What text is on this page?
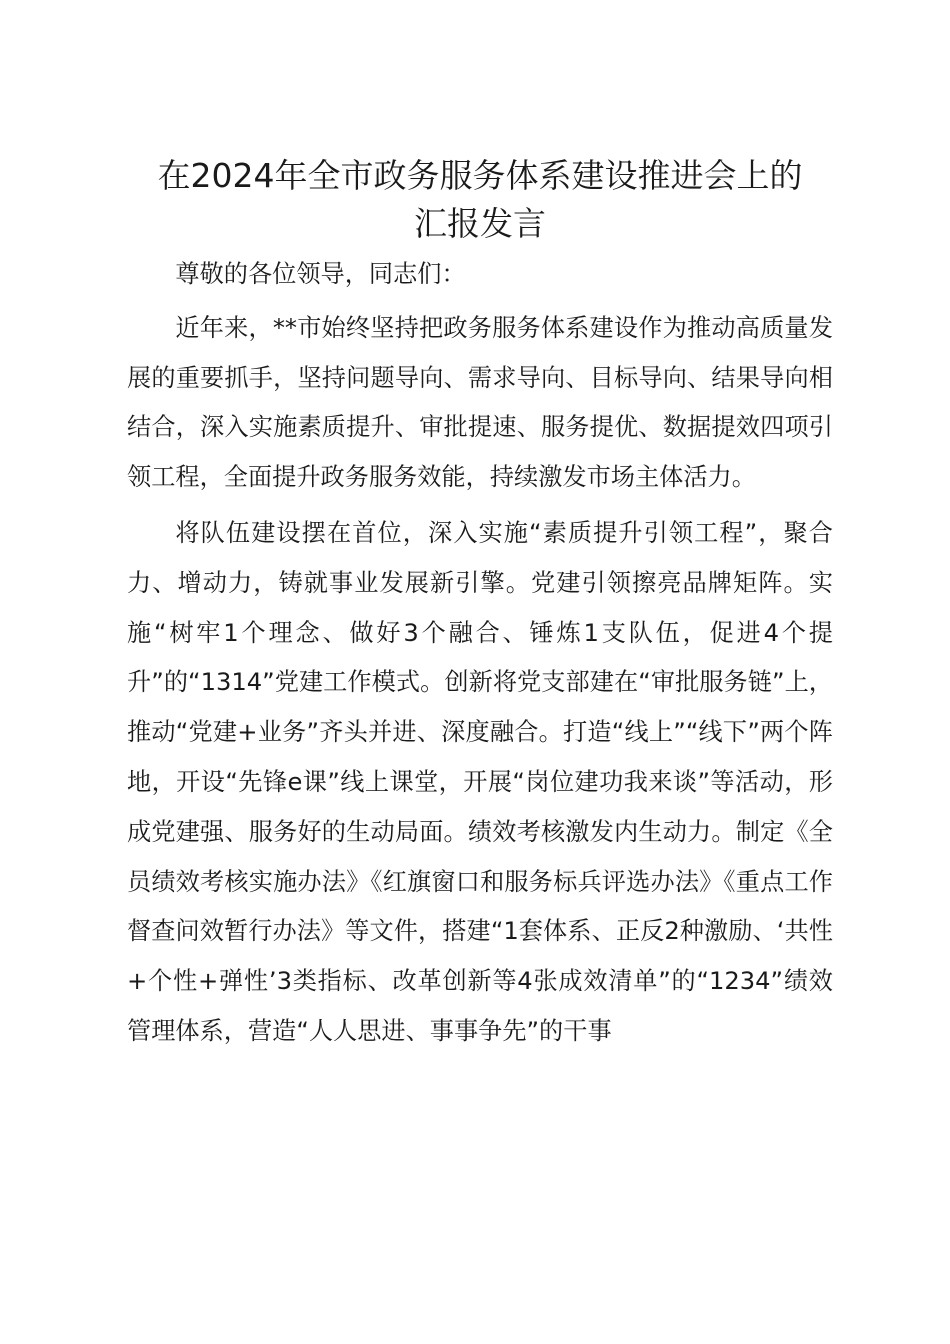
在2024年全市政务服务体系建设推进会上的
汇报发言

尊敬的各位领导，同志们：

近年来，**市始终坚持把政务服务体系建设作为推动高质量发展的重要抓手，坚持问题导向、需求导向、目标导向、结果导向相结合，深入实施素质提升、审批提速、服务提优、数据提效四项引领工程，全面提升政务服务效能，持续激发市场主体活力。

将队伍建设摆在首位，深入实施“素质提升引领工程”，聚合力、增动力，铸就事业发展新引擎。党建引领擦亮品牌矩阵。实施“树牢1个理念、做好3个融合、锤炼1支队伍，促进4个提升”的“1314”党建工作模式。创新将党支部建在“审批服务链”上，推动“党建+业务”齐头并进、深度融合。打造“线上”“线下”两个阵地，开设“先锋e课”线上课堂，开展“岗位建功我来谈”等活动，形成党建强、服务好的生动局面。绩效考核激发内生动力。制定《全员绩效考核实施办法》《红旗窗口和服务标兵评选办法》《重点工作督查问效暂行办法》等文件，搭建“1套体系、正反2种激励、‘共性+个性+弹性’3类指标、改革创新等4张成效清单”的“1234”绩效管理体系，营造“人人思进、事事争先”的干事
